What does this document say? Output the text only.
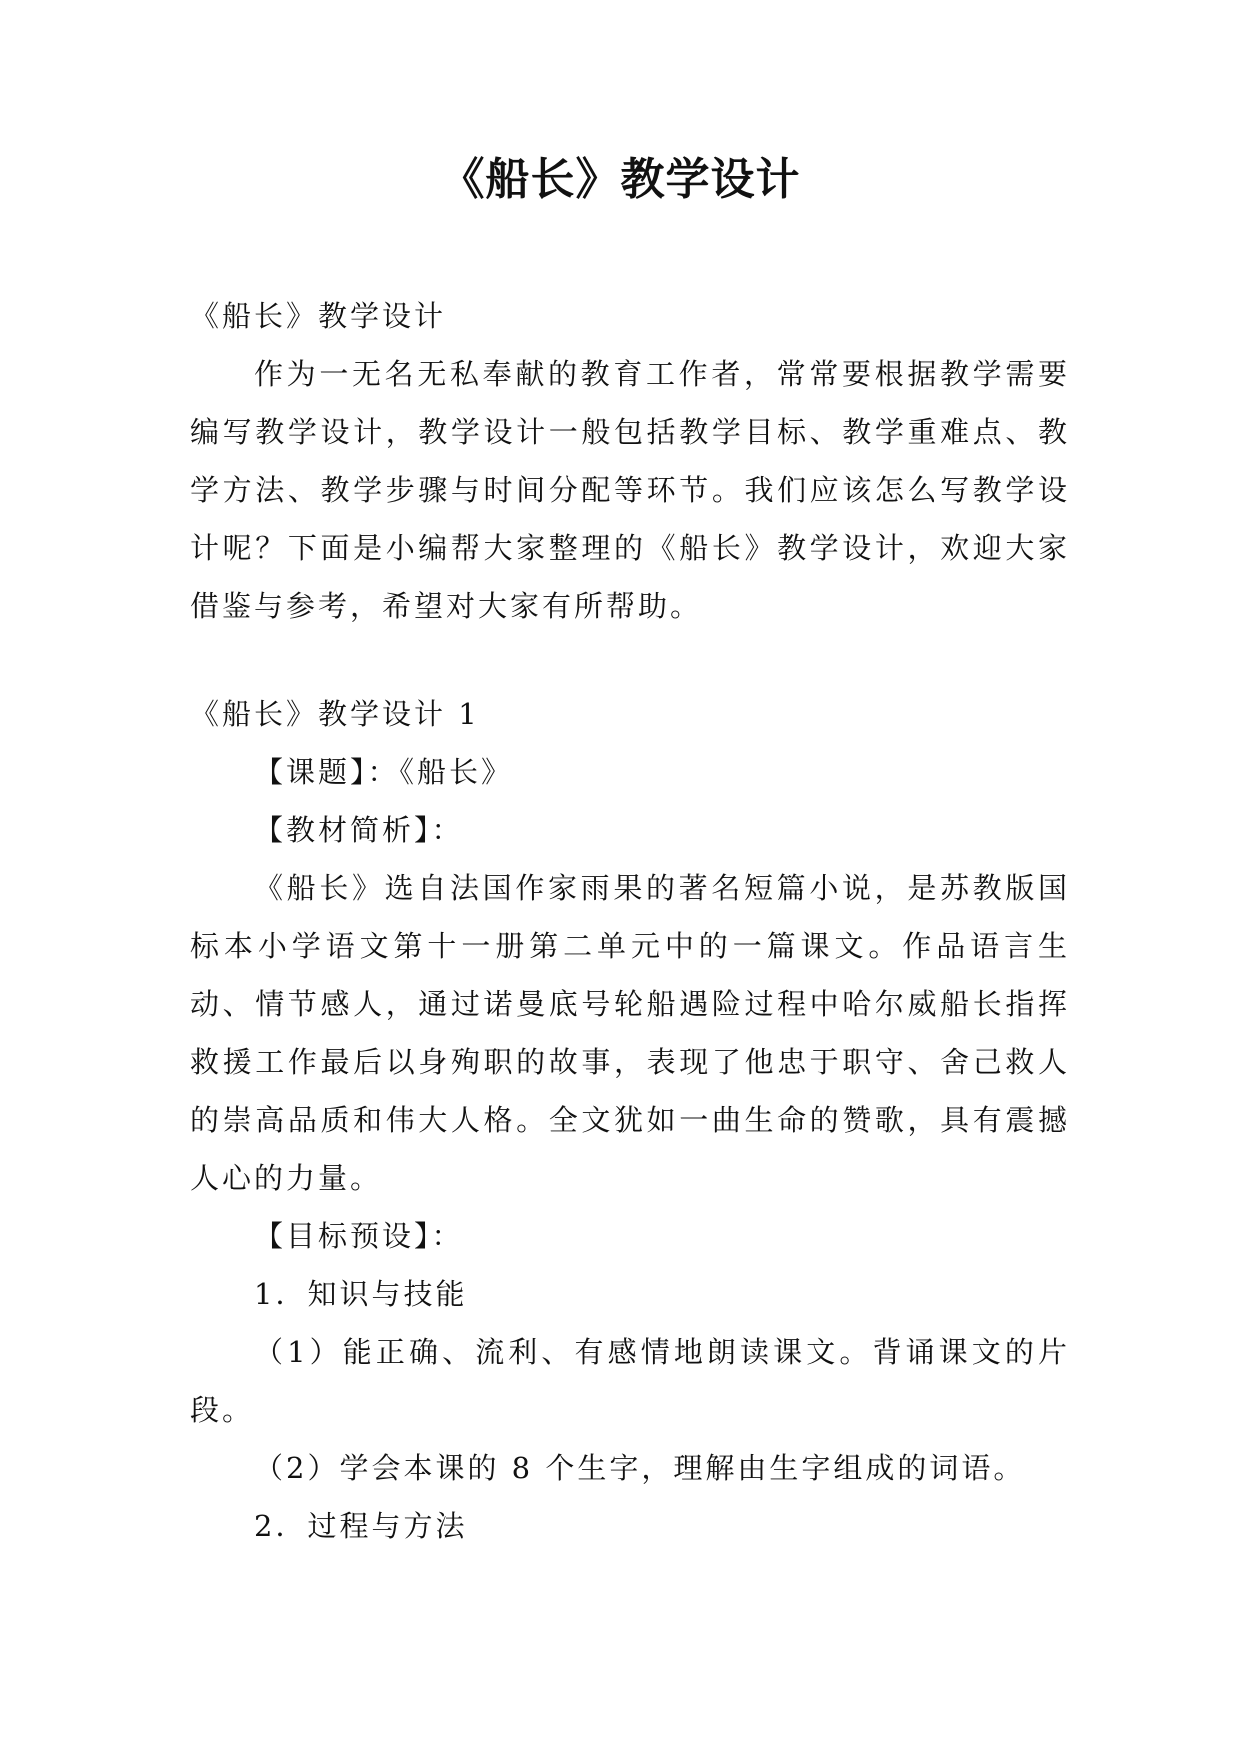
《船长》教学设计

《船长》教学设计

作为一无名无私奉献的教育工作者，常常要根据教学需要编写教学设计，教学设计一般包括教学目标、教学重难点、教学方法、教学步骤与时间分配等环节。我们应该怎么写教学设计呢？下面是小编帮大家整理的《船长》教学设计，欢迎大家借鉴与参考，希望对大家有所帮助。

《船长》教学设计 1

【课题】：《船长》

【教材简析】：

《船长》选自法国作家雨果的著名短篇小说，是苏教版国标本小学语文第十一册第二单元中的一篇课文。作品语言生动、情节感人，通过诺曼底号轮船遇险过程中哈尔威船长指挥救援工作最后以身殉职的故事，表现了他忠于职守、舍己救人的崇高品质和伟大人格。全文犹如一曲生命的赞歌，具有震撼人心的力量。

【目标预设】：

1．知识与技能

（1）能正确、流利、有感情地朗读课文。背诵课文的片段。

（2）学会本课的 8 个生字，理解由生字组成的词语。

2．过程与方法
